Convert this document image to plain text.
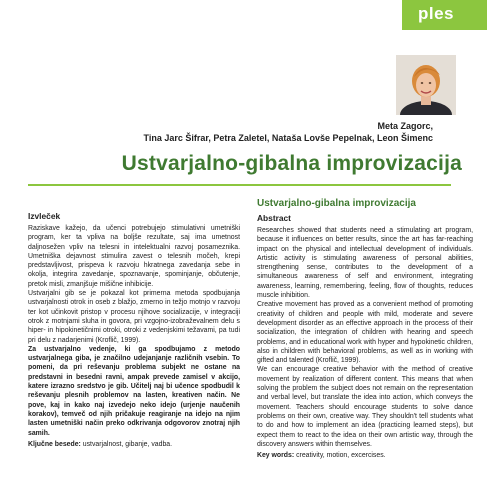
ples
Meta Zagorc,
Tina Jarc Šifrar, Petra Zaletel, Nataša Lovše Pepelnak, Leon Šimenc
Ustvarjalno-gibalna improvizacija
Izvleček

Raziskave kažejo, da učenci potrebujejo stimulativni umetniški program, ker ta vpliva na boljše rezultate, saj ima umetnost daljnosežen vpliv na telesni in intelektualni razvoj posameznika. Umetniška dejavnost stimulira zavest o telesnih močeh, krepi predstavljivost, prispeva k razvoju hkratnega zavedanja sebe in okolja, integrira zavedanje, spoznavanje, spominjanje, občutenje, pretok misli, zmanjšuje mišične inhibicije.

Ustvarjalni gib se je pokazal kot primerna metoda spodbujanja ustvarjalnosti otrok in oseb z blažjo, zmerno in težjo motnjo v razvoju ter kot učinkovit pristop v procesu njihove socializacije, v integraciji otrok z motnjami sluha in govora, pri vzgojno-izobraževalnem delu s hiper- in hipokinetičnimi otroki, otroki z vedenjskimi težavami, pa tudi pri delu z nadarjenimi (Kroflič, 1999).

Za ustvarjalno vedenje, ki ga spodbujamo z metodo ustvarjalnega giba, je značilno udejanjanje različnih vsebin. To pomeni, da pri reševanju problema subjekt ne ostane na predstavni in besedni ravni, ampak prevede zamisel v akcijo, katere izrazno sredstvo je gib. Učitelj naj bi učence spodbudil k reševanju plesnih problemov na lasten, kreativen način. Ne pove, kaj in kako naj izvedejo neko idejo (urjenje naučenih korakov), temveč od njih pričakuje reagiranje na idejo na njim lasten umetniški način preko odkrivanja odgovorov znotraj njih samih.

Ključne besede: ustvarjalnost, gibanje, vadba.

Ustvarjalno-gibalna improvizacija
Abstract

Researches showed that students need a stimulating art program, because it influences on better results, since the art has far-reaching impact on the physical and intellectual development of individuals. Artistic activity is stimulating awareness of personal abilities, strengthening sense, contributes to the development of a simultaneous awareness of self and environment, integrating awareness, learning, remembering, feeling, flow of thoughts, reduces muscle inhibition.

Creative movement has proved as a convenient method of promoting creativity of children and people with mild, moderate and severe development disorder as an effective approach in the process of their socialization, the integration of children with hearing and speech problems, and in educational work with hyper and hypokinetic children, also in children with behavioral problems, as well as in working with gifted and talented (Kroflič, 1999).

We can encourage creative behavior with the method of creative movement by realization of different content. This means that when solving the problem the subject does not remain on the representation and verbal level, but translate the idea into action, which conveys the movement. Teachers should encourage students to solve dance problems on their own, creative way. They shouldn't tell students what to do and how to implement an idea (practicing learned steps), but expect them to react to the idea on their own artistic way, through the discovery answers within themselves.

Key words: creativity, motion, excercises.
